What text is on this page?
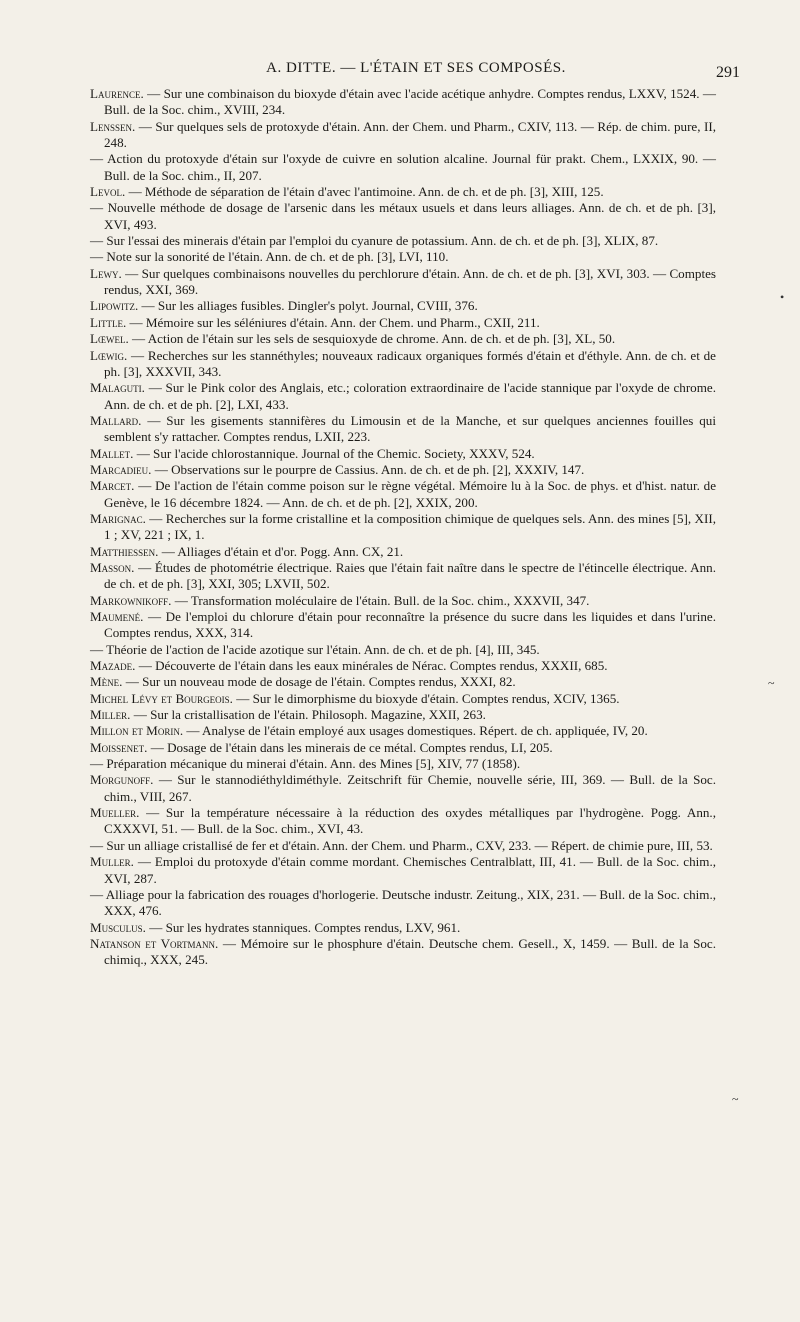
A. DITTE. — L'ÉTAIN ET SES COMPOSÉS.	291

Laurence. — Sur une combinaison du bioxyde d'étain avec l'acide acétique anhydre. Comptes rendus, LXXV, 1524. — Bull. de la Soc. chim., XVIII, 234.

Lenssen. — Sur quelques sels de protoxyde d'étain. Ann. der Chem. und Pharm., CXIV, 113. — Rép. de chim. pure, II, 248.

— Action du protoxyde d'étain sur l'oxyde de cuivre en solution alcaline. Journal für prakt. Chem., LXXIX, 90. — Bull. de la Soc. chim., II, 207.

Levol. — Méthode de séparation de l'étain d'avec l'antimoine. Ann. de ch. et de ph. [3], XIII, 125.

— Nouvelle méthode de dosage de l'arsenic dans les métaux usuels et dans leurs alliages. Ann. de ch. et de ph. [3], XVI, 493.

— Sur l'essai des minerais d'étain par l'emploi du cyanure de potassium. Ann. de ch. et de ph. [3], XLIX, 87.

— Note sur la sonorité de l'étain. Ann. de ch. et de ph. [3], LVI, 110.

Lewy. — Sur quelques combinaisons nouvelles du perchlorure d'étain. Ann. de ch. et de ph. [3], XVI, 303. — Comptes rendus, XXI, 369.

Lipowitz. — Sur les alliages fusibles. Dingler's polyt. Journal, CVIII, 376.

Little. — Mémoire sur les séléniures d'étain. Ann. der Chem. und Pharm., CXII, 211.

Lœwel. — Action de l'étain sur les sels de sesquioxyde de chrome. Ann. de ch. et de ph. [3], XL, 50.

Lœwig. — Recherches sur les stannéthyles; nouveaux radicaux organiques formés d'étain et d'éthyle. Ann. de ch. et de ph. [3], XXXVII, 343.

Malaguti. — Sur le Pink color des Anglais, etc.; coloration extraordinaire de l'acide stannique par l'oxyde de chrome. Ann. de ch. et de ph. [2], LXI, 433.

Mallard. — Sur les gisements stannifères du Limousin et de la Manche, et sur quelques anciennes fouilles qui semblent s'y rattacher. Comptes rendus, LXII, 223.

Mallet. — Sur l'acide chlorostannique. Journal of the Chemic. Society, XXXV, 524.

Marcadieu. — Observations sur le pourpre de Cassius. Ann. de ch. et de ph. [2], XXXIV, 147.

Marcet. — De l'action de l'étain comme poison sur le règne végétal. Mémoire lu à la Soc. de phys. et d'hist. natur. de Genève, le 16 décembre 1824. — Ann. de ch. et de ph. [2], XXIX, 200.

Marignac. — Recherches sur la forme cristalline et la composition chimique de quelques sels. Ann. des mines [5], XII, 1 ; XV, 221 ; IX, 1.

Matthiessen. — Alliages d'étain et d'or. Pogg. Ann. CX, 21.

Masson. — Études de photométrie électrique. Raies que l'étain fait naître dans le spectre de l'étincelle électrique. Ann. de ch. et de ph. [3], XXI, 305; LXVII, 502.

Markownikoff. — Transformation moléculaire de l'étain. Bull. de la Soc. chim., XXXVII, 347.

Maumené. — De l'emploi du chlorure d'étain pour reconnaître la présence du sucre dans les liquides et dans l'urine. Comptes rendus, XXX, 314.

— Théorie de l'action de l'acide azotique sur l'étain. Ann. de ch. et de ph. [4], III, 345.

Mazade. — Découverte de l'étain dans les eaux minérales de Nérac. Comptes rendus, XXXII, 685.

Mène. — Sur un nouveau mode de dosage de l'étain. Comptes rendus, XXXI, 82.

Michel Lévy et Bourgeois. — Sur le dimorphisme du bioxyde d'étain. Comptes rendus, XCIV, 1365.

Miller. — Sur la cristallisation de l'étain. Philosoph. Magazine, XXII, 263.

Millon et Morin. — Analyse de l'étain employé aux usages domestiques. Répert. de ch. appliquée, IV, 20.

Moissenet. — Dosage de l'étain dans les minerais de ce métal. Comptes rendus, LI, 205.

— Préparation mécanique du minerai d'étain. Ann. des Mines [5], XIV, 77 (1858).

Morgunoff. — Sur le stannodiéthyldiméthyle. Zeitschrift für Chemie, nouvelle série, III, 369. — Bull. de la Soc. chim., VIII, 267.

Mueller. — Sur la température nécessaire à la réduction des oxydes métalliques par l'hydrogène. Pogg. Ann., CXXXVI, 51. — Bull. de la Soc. chim., XVI, 43.

— Sur un alliage cristallisé de fer et d'étain. Ann. der Chem. und Pharm., CXV, 233. — Répert. de chimie pure, III, 53.

Muller. — Emploi du protoxyde d'étain comme mordant. Chemisches Centralblatt, III, 41. — Bull. de la Soc. chim., XVI, 287.

— Alliage pour la fabrication des rouages d'horlogerie. Deutsche industr. Zeitung., XIX, 231. — Bull. de la Soc. chim., XXX, 476.

Musculus. — Sur les hydrates stanniques. Comptes rendus, LXV, 961.

Natanson et Vortmann. — Mémoire sur le phosphure d'étain. Deutsche chem. Gesell., X, 1459. — Bull. de la Soc. chimiq., XXX, 245.

•
~
~
